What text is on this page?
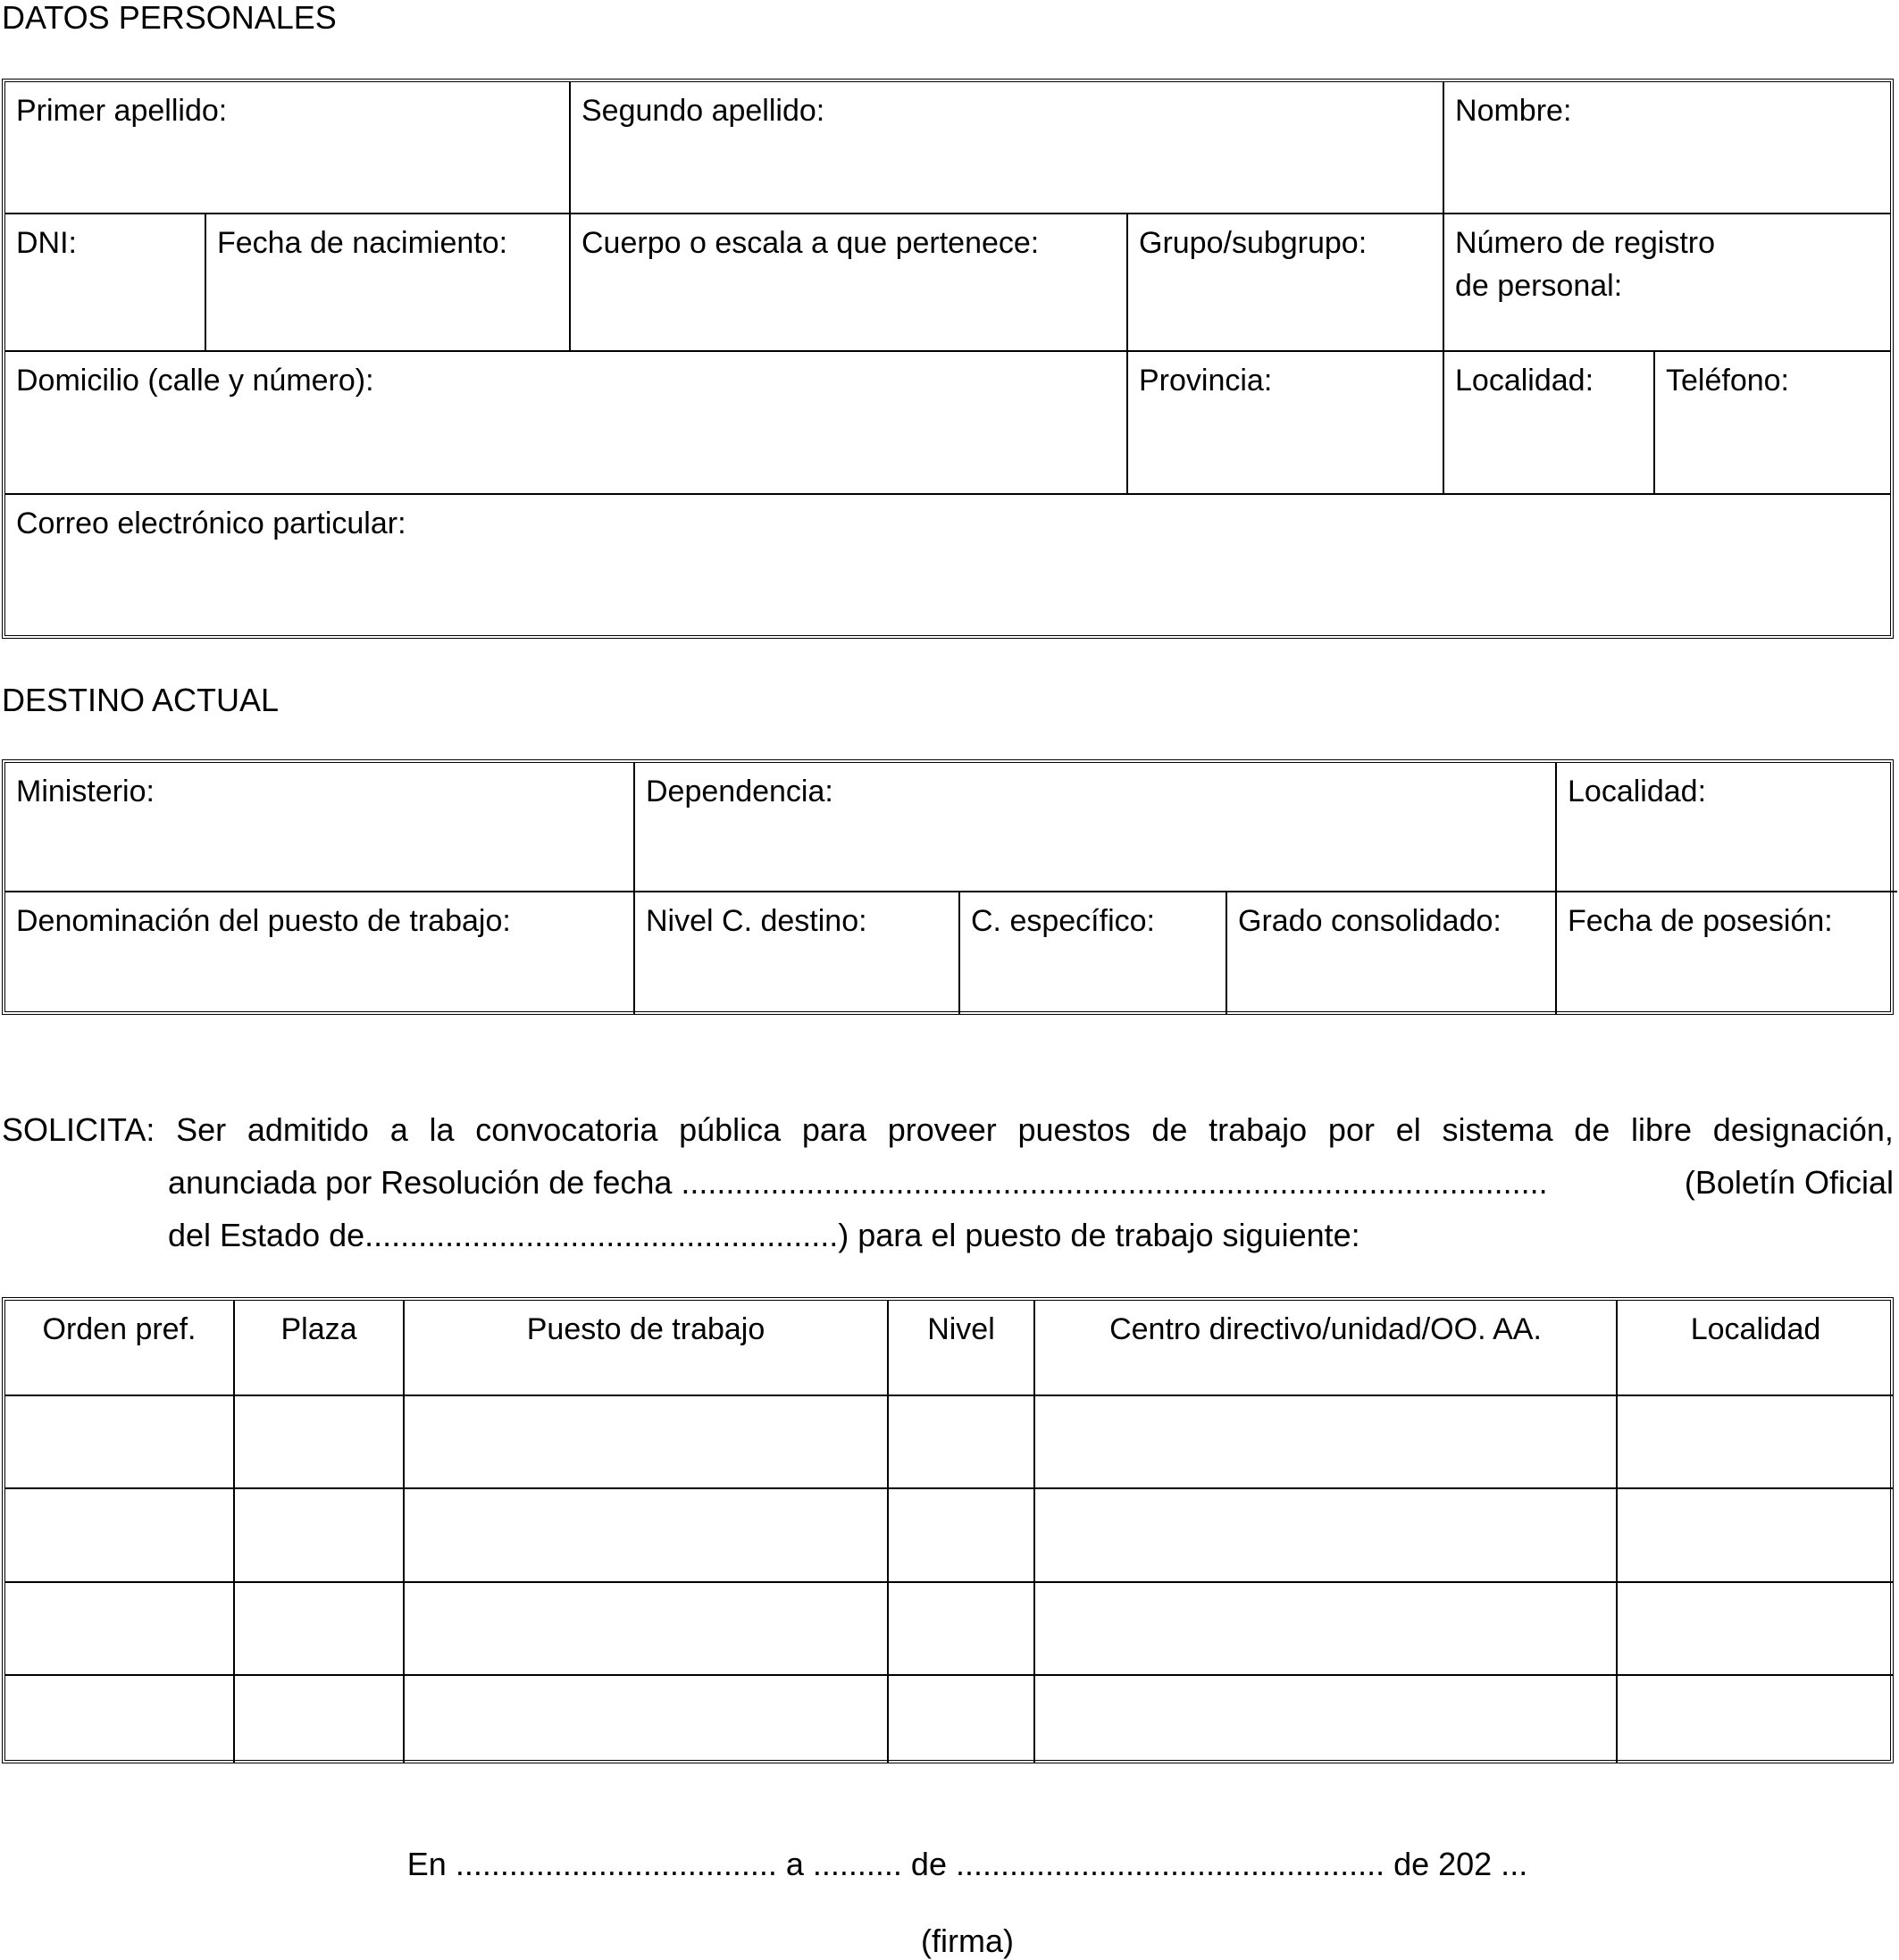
DATOS PERSONALES
Primer apellido:		Segundo apellido:		Nombre:	
DNI:	Fecha de nacimiento:	Cuerpo o escala a que pertenece:	Grupo/subgrupo:	Número de registro
de personal:	
Domicilio (calle y número):			Provincia:	Localidad:	Teléfono:
Correo electrónico particular:					
DESTINO ACTUAL
Ministerio:	Dependencia:			Localidad:
Denominación del puesto de trabajo:	Nivel C. destino:	C. específico:	Grado consolidado:	Fecha de posesión:
SOLICITA: Ser admitido a la convocatoria pública para proveer puestos de trabajo por el sistema de libre designación,
anunciada por Resolución de fecha .................................................................................................	(Boletín Oficial
del Estado de.....................................................) para el puesto de trabajo siguiente:
Orden pref.	Plaza	Puesto de trabajo	Nivel	Centro directivo/unidad/OO. AA.	Localidad

En .................................... a .......... de ................................................ de 202 ...
(firma)
